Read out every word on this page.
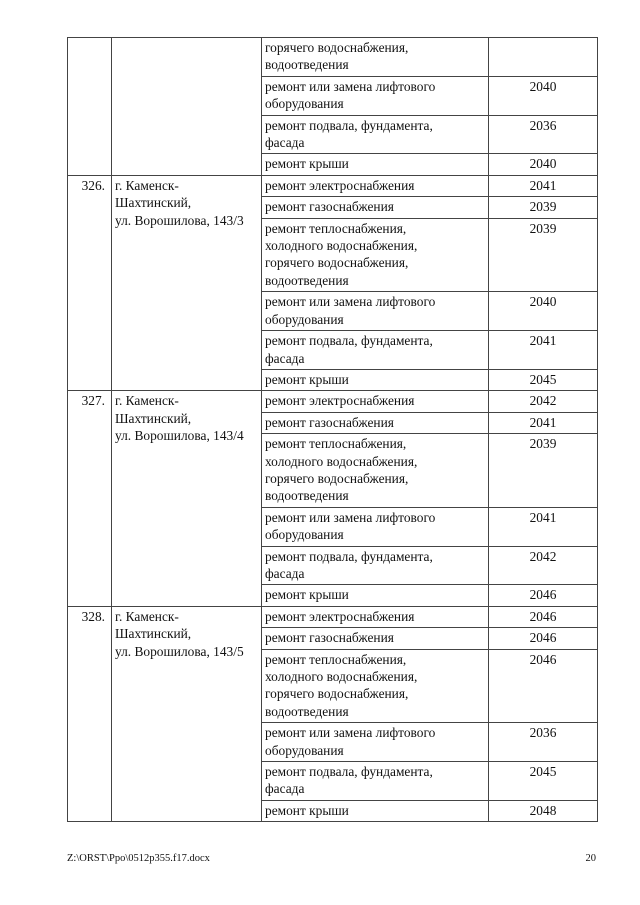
		горячего водоснабжения,
водоотведения	
		ремонт или замена лифтового
оборудования	2040
		ремонт подвала, фундамента,
фасада	2036
		ремонт крыши	2040
326.	г. Каменск-
Шахтинский,
ул. Ворошилова, 143/3	ремонт электроснабжения	2041
		ремонт газоснабжения	2039
		ремонт теплоснабжения,
холодного водоснабжения,
горячего водоснабжения,
водоотведения	2039
		ремонт или замена лифтового
оборудования	2040
		ремонт подвала, фундамента,
фасада	2041
		ремонт крыши	2045
327.	г. Каменск-
Шахтинский,
ул. Ворошилова, 143/4	ремонт электроснабжения	2042
		ремонт газоснабжения	2041
		ремонт теплоснабжения,
холодного водоснабжения,
горячего водоснабжения,
водоотведения	2039
		ремонт или замена лифтового
оборудования	2041
		ремонт подвала, фундамента,
фасада	2042
		ремонт крыши	2046
328.	г. Каменск-
Шахтинский,
ул. Ворошилова, 143/5	ремонт электроснабжения	2046
		ремонт газоснабжения	2046
		ремонт теплоснабжения,
холодного водоснабжения,
горячего водоснабжения,
водоотведения	2046
		ремонт или замена лифтового
оборудования	2036
		ремонт подвала, фундамента,
фасада	2045
		ремонт крыши	2048
Z:\ORST\Ppo\0512p355.f17.docx	20
